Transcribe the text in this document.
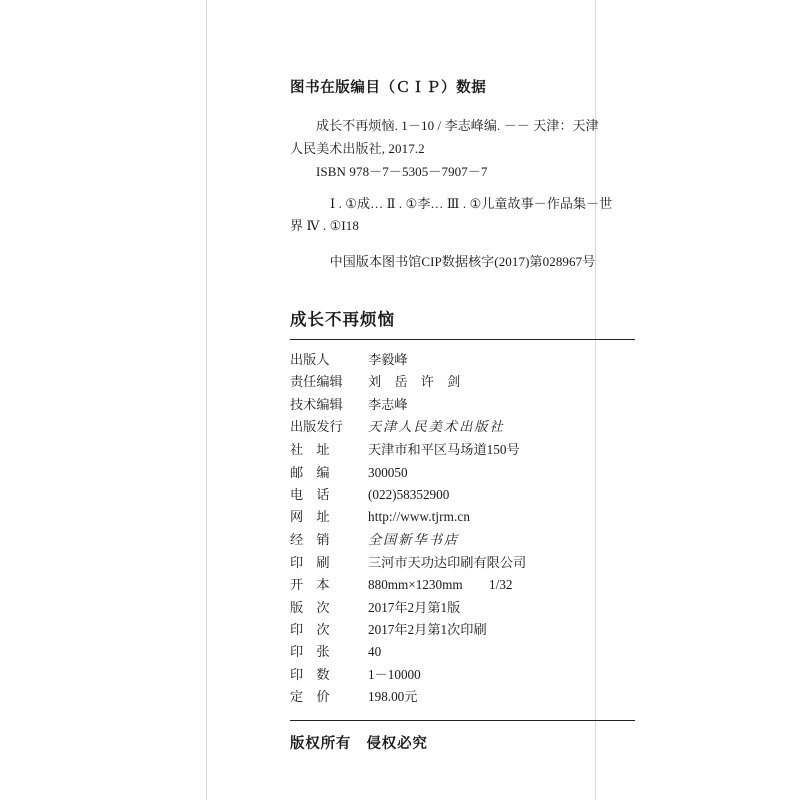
图书在版编目（ＣＩＰ）数据
成长不再烦恼. 1－10 / 李志峰编. －－ 天津：天津
人民美术出版社, 2017.2
ISBN 978－7－5305－7907－7
Ⅰ . ①成… Ⅱ . ①李… Ⅲ . ①儿童故事－作品集－世
界 Ⅳ . ①I18
中国版本图书馆CIP数据核字(2017)第028967号
成长不再烦恼
出版人	李毅峰
责任编辑	刘　岳　许　剑
技术编辑	李志峰
出版发行	天津人民美术出版社
社　址	天津市和平区马场道150号
邮　编	300050
电　话	(022)58352900
网　址	http://www.tjrm.cn
经　销	全国新华书店
印　刷	三河市天功达印刷有限公司
开　本	880mm×1230mm　　1/32
版　次	2017年2月第1版
印　次	2017年2月第1次印刷
印　张	40
印　数	1－10000
定　价	198.00元
版权所有　侵权必究
